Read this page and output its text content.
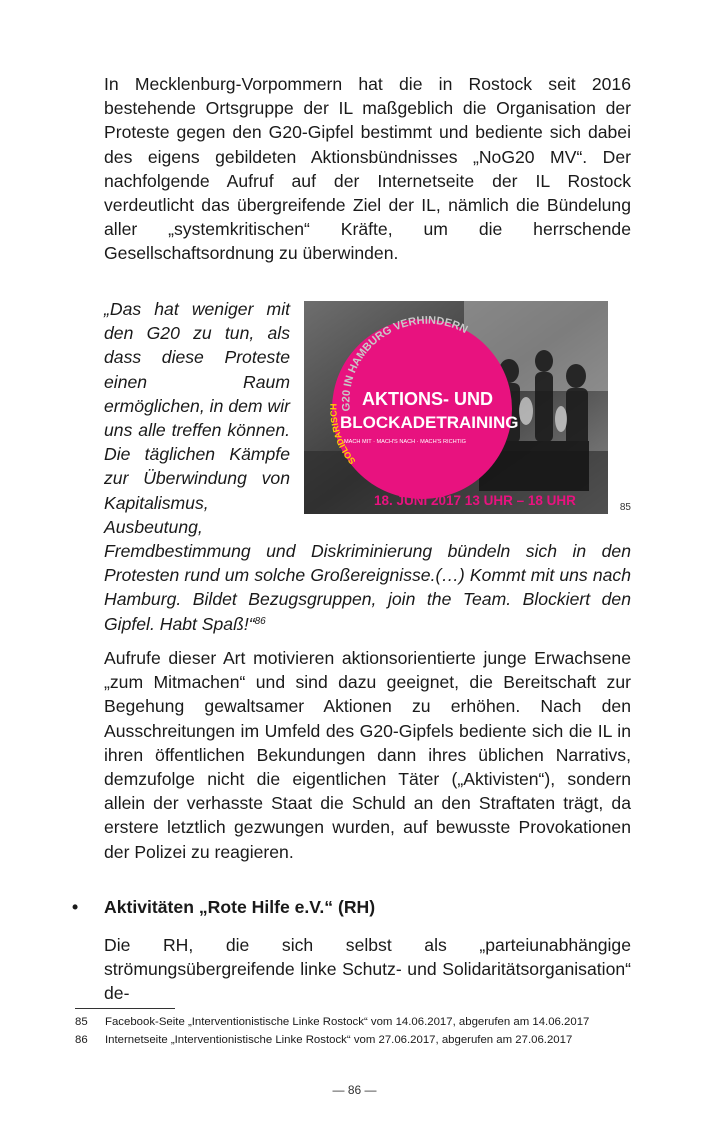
In Mecklenburg-Vorpommern hat die in Rostock seit 2016 bestehende Ortsgruppe der IL maßgeblich die Organisation der Proteste gegen den G20-Gipfel bestimmt und bediente sich dabei des eigens gebildeten Aktionsbündnisses „NoG20 MV“. Der nachfolgende Aufruf auf der Internetseite der IL Rostock verdeutlicht das übergreifende Ziel der IL, nämlich die Bündelung aller „systemkritischen“ Kräfte, um die herrschende Gesellschaftsordnung zu überwinden.

G20 IN HAMBURG VERHINDERN
SOLIDARISCH	AKTIONS- UND
BLOCKADETRAINING
MACH MIT · MACH'S NACH · MACH'S RICHTIG
18. JUNI 2017 13 UHR – 18 UHR	85

„Das hat weniger mit den G20 zu tun, als dass diese Proteste einen Raum ermöglichen, in dem wir uns alle treffen können. Die täglichen Kämpfe zur Überwindung von Kapitalismus, Ausbeutung, Fremdbestimmung und Diskriminierung bündeln sich in den Protesten rund um solche Großereignisse.(…) Kommt mit uns nach Hamburg. Bildet Bezugsgruppen, join the Team. Blockiert den Gipfel. Habt Spaß!“$^{86}$

Aufrufe dieser Art motivieren aktionsorientierte junge Erwachsene „zum Mitmachen“ und sind dazu geeignet, die Bereitschaft zur Begehung gewaltsamer Aktionen zu erhöhen. Nach den Ausschreitungen im Umfeld des G20-Gipfels bediente sich die IL in ihren öffentlichen Bekundungen dann ihres üblichen Narrativs, demzufolge nicht die eigentlichen Täter („Aktivisten“), sondern allein der verhasste Staat die Schuld an den Straftaten trägt, da erstere letztlich gezwungen wurden, auf bewusste Provokationen der Polizei zu reagieren.

• Aktivitäten „Rote Hilfe e.V.“ (RH)

Die RH, die sich selbst als „parteiunabhängige strömungsübergreifende linke Schutz- und Solidaritätsorganisation“ de-

85 Facebook-Seite „Interventionistische Linke Rostock“ vom 14.06.2017, abgerufen am 14.06.2017
86 Internetseite „Interventionistische Linke Rostock“ vom 27.06.2017, abgerufen am 27.06.2017
— 86 —
